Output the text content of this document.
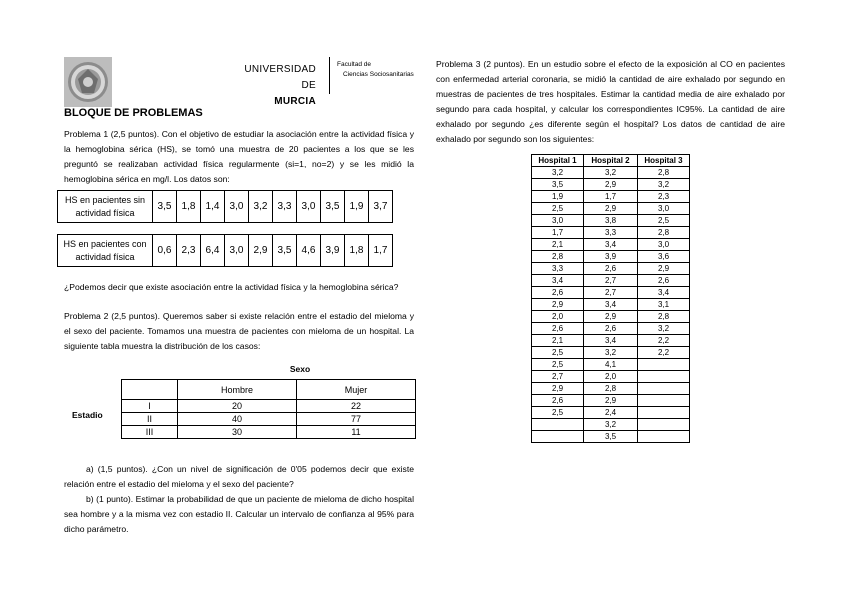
UNIVERSIDAD DE
MURCIA
Facultad de
Ciencias Sociosanitarias
BLOQUE DE PROBLEMAS
Problema 1 (2,5 puntos). Con el objetivo de estudiar la asociación entre la actividad física y la hemoglobina sérica (HS), se tomó una muestra de 20 pacientes a los que se les preguntó se realizaban actividad física regularmente (si=1, no=2) y se les midió la hemoglobina sérica en mg/l. Los datos son:
HS en pacientes sin actividad física	3,5	1,8	1,4	3,0	3,2	3,3	3,0	3,5	1,9	3,7
HS en pacientes con actividad física	0,6	2,3	6,4	3,0	2,9	3,5	4,6	3,9	1,8	1,7
¿Podemos decir que existe asociación entre la actividad física y la hemoglobina sérica?
Problema 2 (2,5 puntos). Queremos saber si existe relación entre el estadio del mieloma y el sexo del paciente. Tomamos una muestra de pacientes con mieloma de un hospital. La siguiente tabla muestra la distribución de los casos:
Sexo
Estadio
	Hombre	Mujer
I	20	22
II	40	77
III	30	11
a) (1,5 puntos). ¿Con un nivel de significación de 0'05 podemos decir que existe relación entre el estadio del mieloma y el sexo del paciente?
b) (1 punto). Estimar la probabilidad de que un paciente de mieloma de dicho hospital sea hombre y a la misma vez con estadio II. Calcular un intervalo de confianza al 95% para dicho parámetro.
Problema 3 (2 puntos). En un estudio sobre el efecto de la exposición al CO en pacientes con enfermedad arterial coronaria, se midió la cantidad de aire exhalado por segundo en muestras de pacientes de tres hospitales. Estimar la cantidad media de aire exhalado por segundo para cada hospital, y calcular los correspondientes IC95%. La cantidad de aire exhalado por segundo ¿es diferente según el hospital? Los datos de cantidad de aire exhalado por segundo son los siguientes:
Hospital 1	Hospital 2	Hospital 3
3,2	3,2	2,8
3,5	2,9	3,2
1,9	1,7	2,3
2,5	2,9	3,0
3,0	3,8	2,5
1,7	3,3	2,8
2,1	3,4	3,0
2,8	3,9	3,6
3,3	2,6	2,9
3,4	2,7	2,6
2,6	2,7	3,4
2,9	3,4	3,1
2,0	2,9	2,8
2,6	2,6	3,2
2,1	3,4	2,2
2,5	3,2	2,2
2,5	4,1	
2,7	2,0	
2,9	2,8	
2,6	2,9	
2,5	2,4	
	3,2	
	3,5	
